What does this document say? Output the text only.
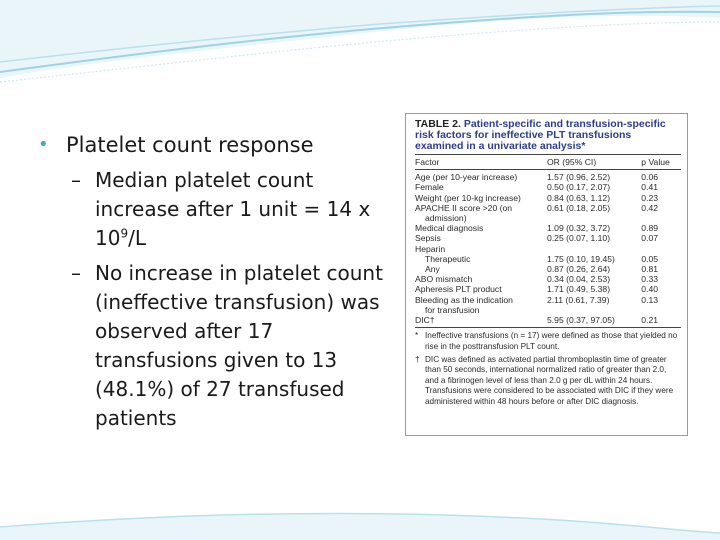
• Platelet count response
– Median platelet count increase after 1 unit = 14 x $10^9/L$
– No increase in platelet count (ineffective transfusion) was observed after 17 transfusions given to 13 (48.1%) of 27 transfused patients
TABLE 2. Patient-specific and transfusion-specific risk factors for ineffective PLT transfusions examined in a univariate analysis*
Factor	OR (95% CI)	p Value
Age (per 10-year increase)	1.57 (0.96, 2.52)	0.06
Female	0.50 (0.17, 2.07)	0.41
Weight (per 10-kg increase)	0.84 (0.63, 1.12)	0.23
APACHE II score >20 (on	0.61 (0.18, 2.05)	0.42
admission)
Medical diagnosis	1.09 (0.32, 3.72)	0.89
Sepsis	0.25 (0.07, 1.10)	0.07
Heparin
Therapeutic	1.75 (0.10, 19.45)	0.05
Any	0.87 (0.26, 2.64)	0.81
ABO mismatch	0.34 (0.04, 2.53)	0.33
Apheresis PLT product	1.71 (0.49, 5.38)	0.40
Bleeding as the indication	2.11 (0.61, 7.39)	0.13
for transfusion
DIC†	5.95 (0.37, 97.05)	0.21
* Ineffective transfusions (n = 17) were defined as those that yielded no rise in the posttransfusion PLT count.
† DIC was defined as activated partial thromboplastin time of greater than 50 seconds, international normalized ratio of greater than 2.0, and a fibrinogen level of less than 2.0 g per dL within 24 hours. Transfusions were considered to be associated with DIC if they were administered within 48 hours before or after DIC diagnosis.
